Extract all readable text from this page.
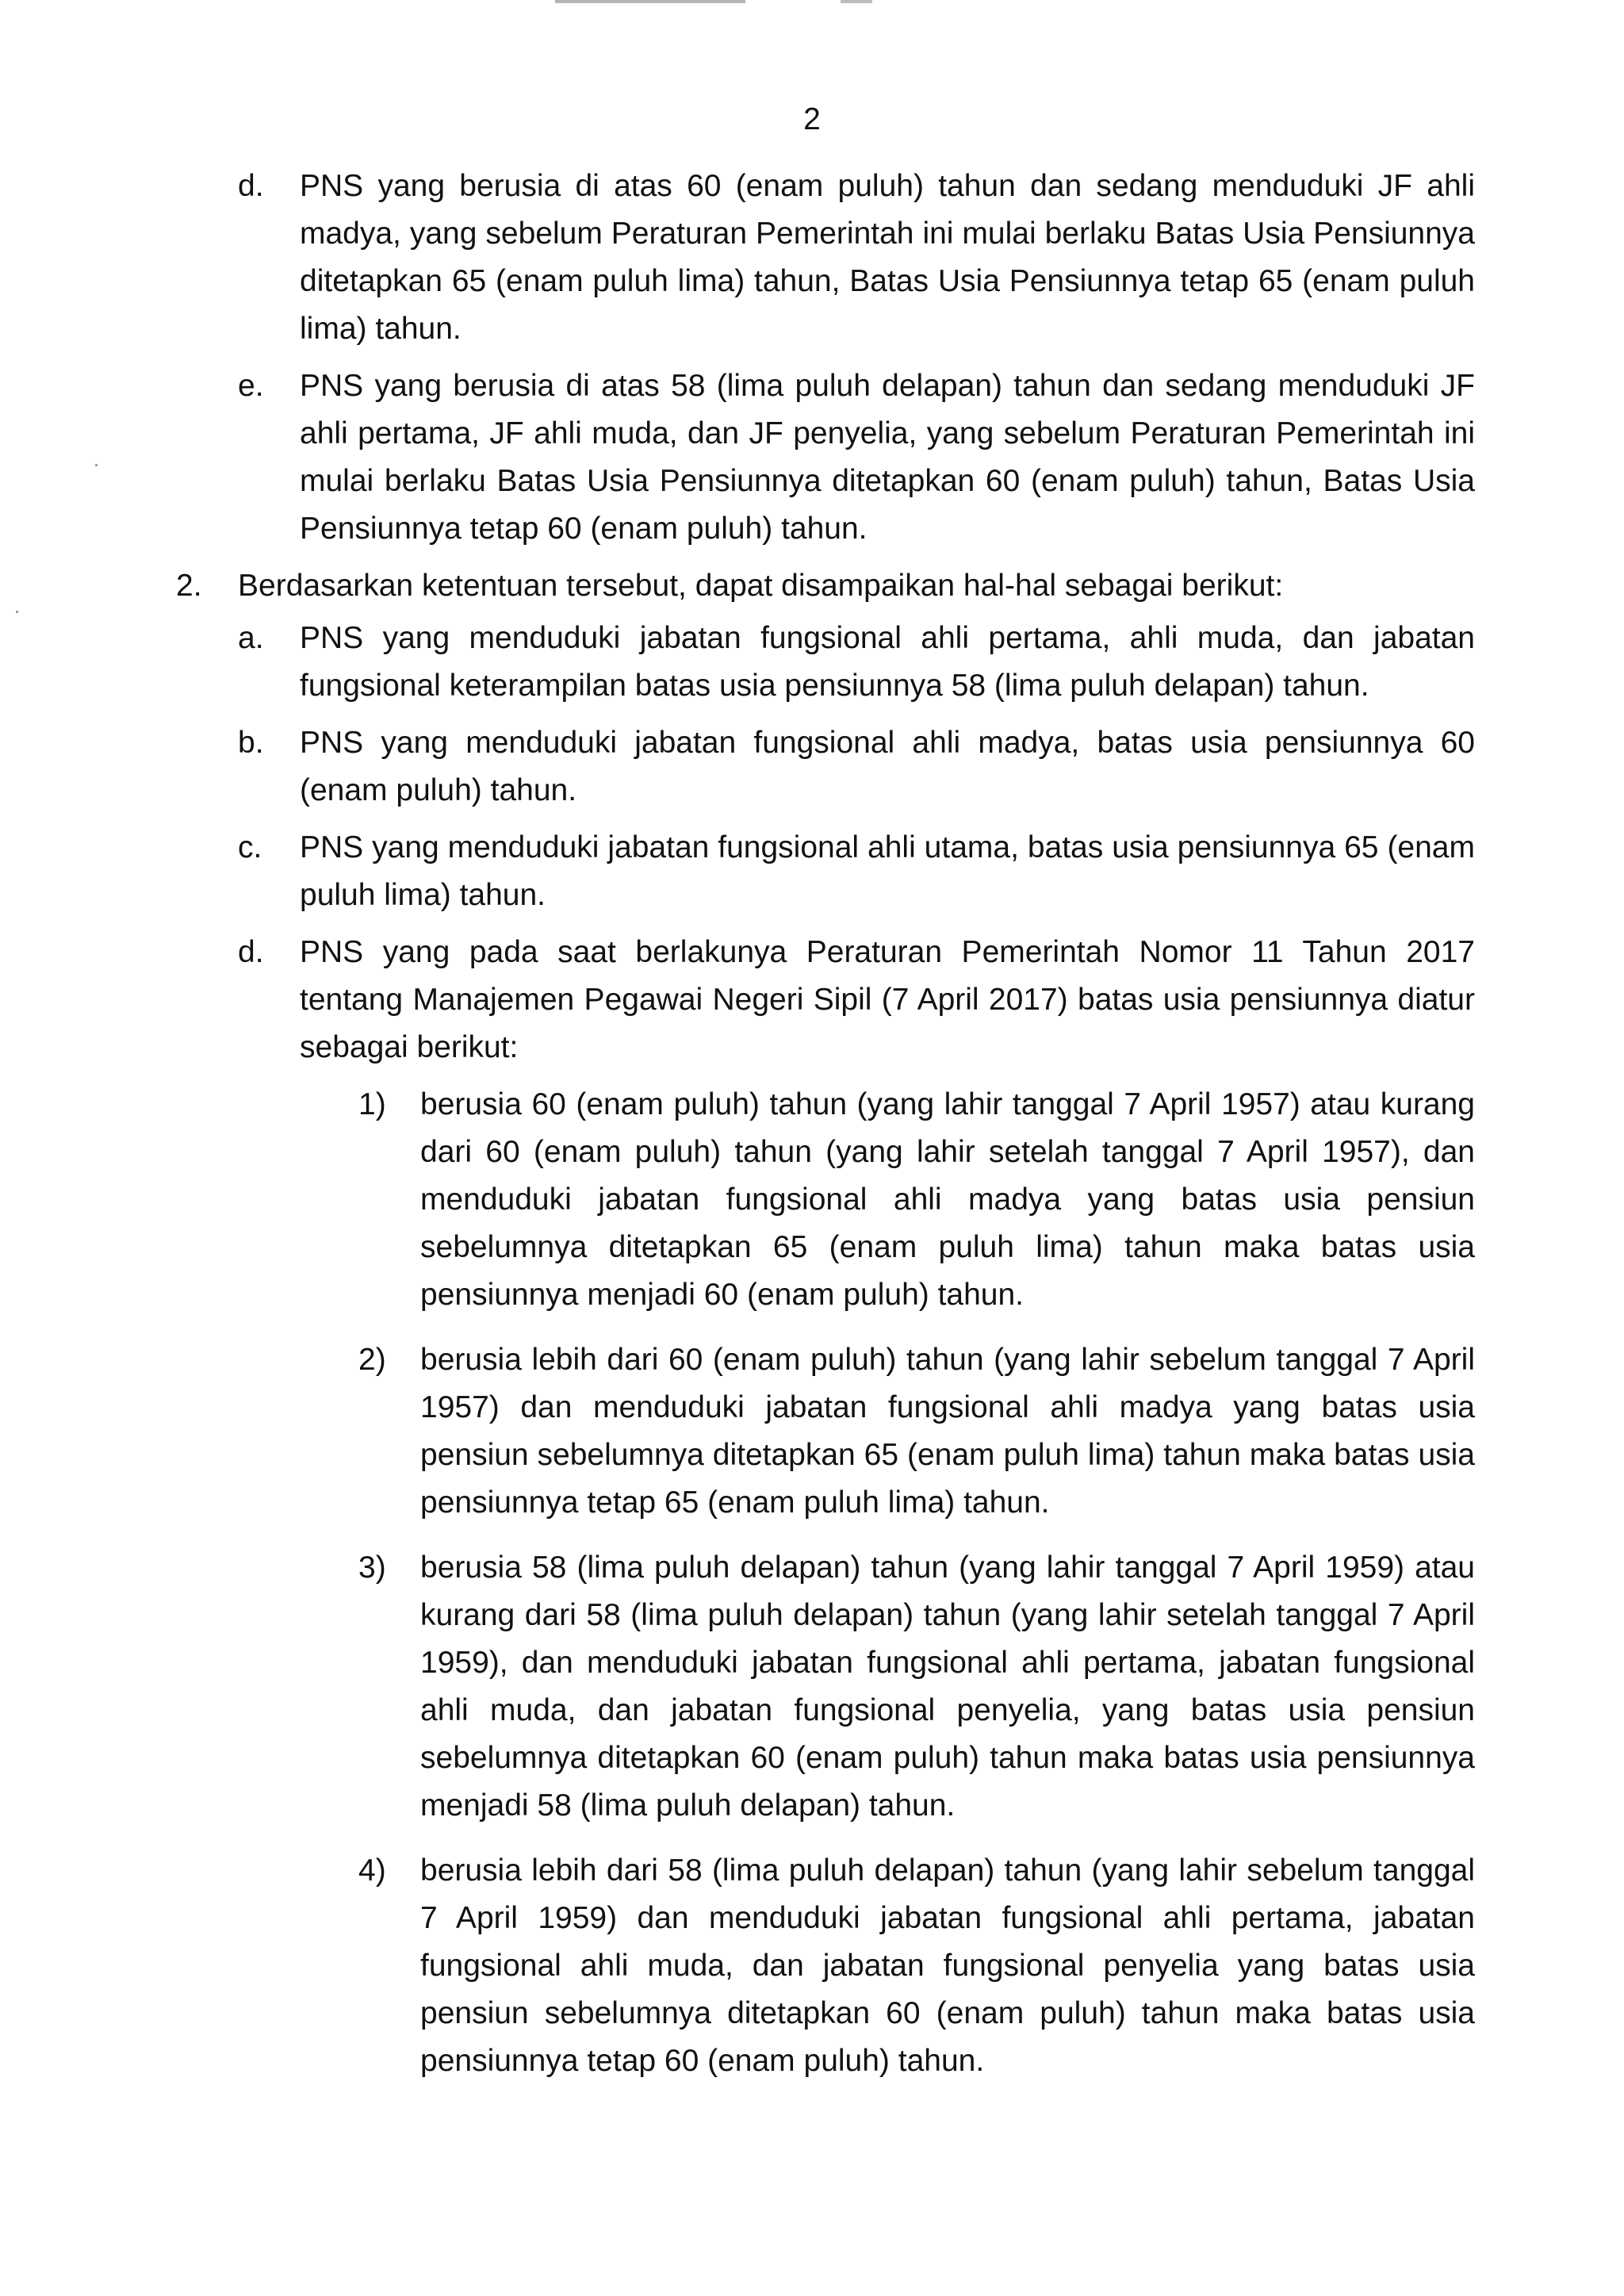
2
d. PNS yang berusia di atas 60 (enam puluh) tahun dan sedang menduduki JF ahli madya, yang sebelum Peraturan Pemerintah ini mulai berlaku Batas Usia Pensiunnya ditetapkan 65 (enam puluh lima) tahun, Batas Usia Pensiunnya tetap 65 (enam puluh lima) tahun.
e. PNS yang berusia di atas 58 (lima puluh delapan) tahun dan sedang menduduki JF ahli pertama, JF ahli muda, dan JF penyelia, yang sebelum Peraturan Pemerintah ini mulai berlaku Batas Usia Pensiunnya ditetapkan 60 (enam puluh) tahun, Batas Usia Pensiunnya tetap 60 (enam puluh) tahun.
2. Berdasarkan ketentuan tersebut, dapat disampaikan hal-hal sebagai berikut:
a. PNS yang menduduki jabatan fungsional ahli pertama, ahli muda, dan jabatan fungsional keterampilan batas usia pensiunnya 58 (lima puluh delapan) tahun.
b. PNS yang menduduki jabatan fungsional ahli madya, batas usia pensiunnya 60 (enam puluh) tahun.
c. PNS yang menduduki jabatan fungsional ahli utama, batas usia pensiunnya 65 (enam puluh lima) tahun.
d. PNS yang pada saat berlakunya Peraturan Pemerintah Nomor 11 Tahun 2017 tentang Manajemen Pegawai Negeri Sipil (7 April 2017) batas usia pensiunnya diatur sebagai berikut:
1) berusia 60 (enam puluh) tahun (yang lahir tanggal 7 April 1957) atau kurang dari 60 (enam puluh) tahun (yang lahir setelah tanggal 7 April 1957), dan menduduki jabatan fungsional ahli madya yang batas usia pensiun sebelumnya ditetapkan 65 (enam puluh lima) tahun maka batas usia pensiunnya menjadi 60 (enam puluh) tahun.
2) berusia lebih dari 60 (enam puluh) tahun (yang lahir sebelum tanggal 7 April 1957) dan menduduki jabatan fungsional ahli madya yang batas usia pensiun sebelumnya ditetapkan 65 (enam puluh lima) tahun maka batas usia pensiunnya tetap 65 (enam puluh lima) tahun.
3) berusia 58 (lima puluh delapan) tahun (yang lahir tanggal 7 April 1959) atau kurang dari 58 (lima puluh delapan) tahun (yang lahir setelah tanggal 7 April 1959), dan menduduki jabatan fungsional ahli pertama, jabatan fungsional ahli muda, dan jabatan fungsional penyelia, yang batas usia pensiun sebelumnya ditetapkan 60 (enam puluh) tahun maka batas usia pensiunnya menjadi 58 (lima puluh delapan) tahun.
4) berusia lebih dari 58 (lima puluh delapan) tahun (yang lahir sebelum tanggal 7 April 1959) dan menduduki jabatan fungsional ahli pertama, jabatan fungsional ahli muda, dan jabatan fungsional penyelia yang batas usia pensiun sebelumnya ditetapkan 60 (enam puluh) tahun maka batas usia pensiunnya tetap 60 (enam puluh) tahun.
